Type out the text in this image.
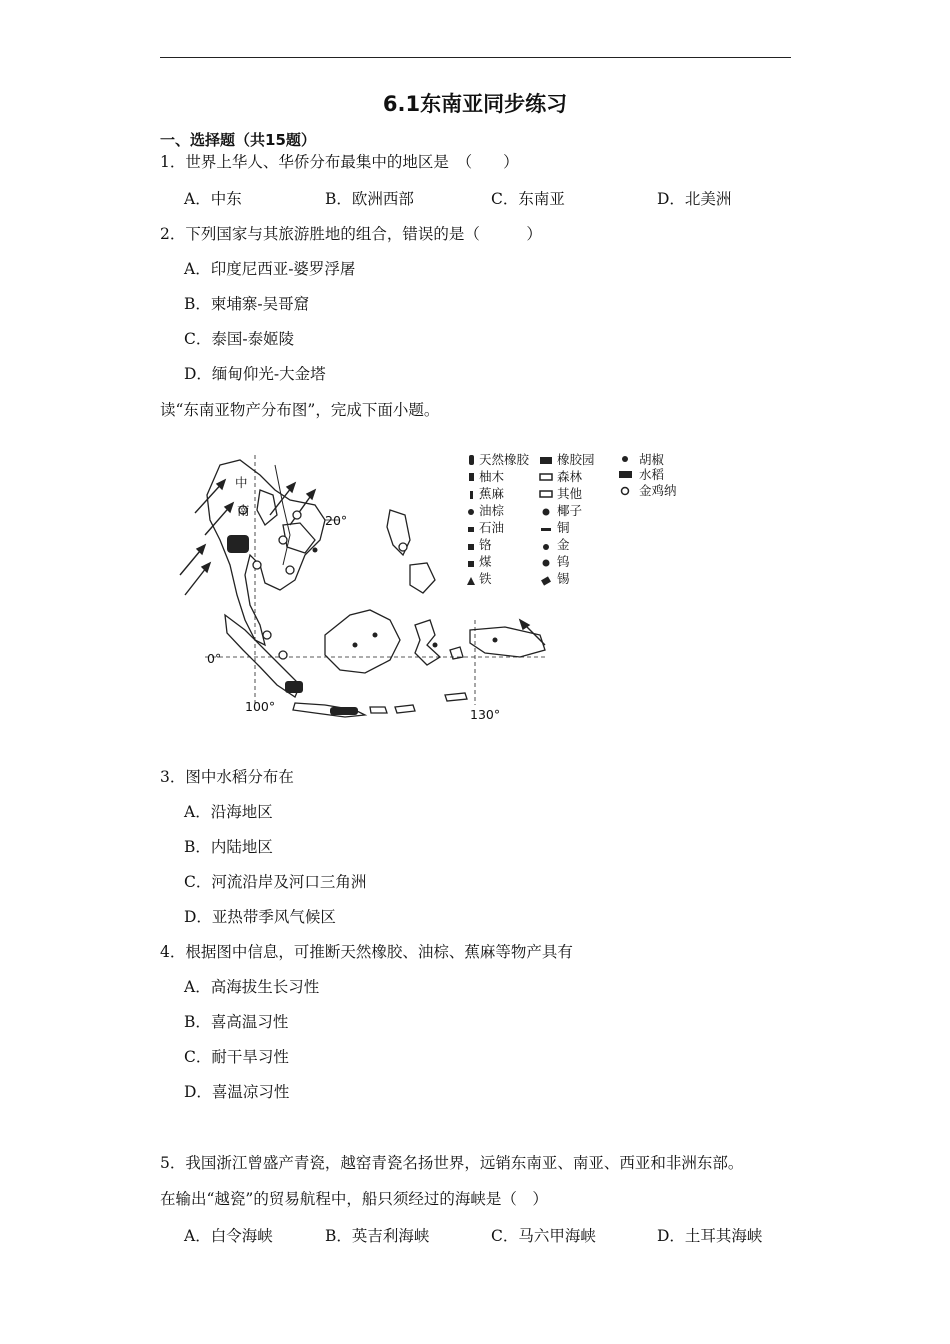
6.1东南亚同步练习
一、选择题（共15题）
1．世界上华人、华侨分布最集中的地区是　（　　）
A．中东	B．欧洲西部	C．东南亚	D．北美洲
2．下列国家与其旅游胜地的组合，错误的是（　　　）
A．印度尼西亚-婆罗浮屠
B．柬埔寨-吴哥窟
C．泰国-泰姬陵
D．缅甸仰光-大金塔
读“东南亚物产分布图”，完成下面小题。
中
南
20°
0°
100°
130°
天然橡胶
柚木
蕉麻
油棕
石油
铬
煤
铁
橡胶园
森林
其他
椰子
铜
金
钨
锡
胡椒
水稻
金鸡纳
3．图中水稻分布在
A．沿海地区
B．内陆地区
C．河流沿岸及河口三角洲
D．亚热带季风气候区
4．根据图中信息，可推断天然橡胶、油棕、蕉麻等物产具有
A．高海拔生长习性
B．喜高温习性
C．耐干旱习性
D．喜温凉习性
5．我国浙江曾盛产青瓷，越窑青瓷名扬世界，远销东南亚、南亚、西亚和非洲东部。
在输出“越瓷”的贸易航程中，船只须经过的海峡是（　）
A．白令海峡	B．英吉利海峡	C．马六甲海峡	D．土耳其海峡
